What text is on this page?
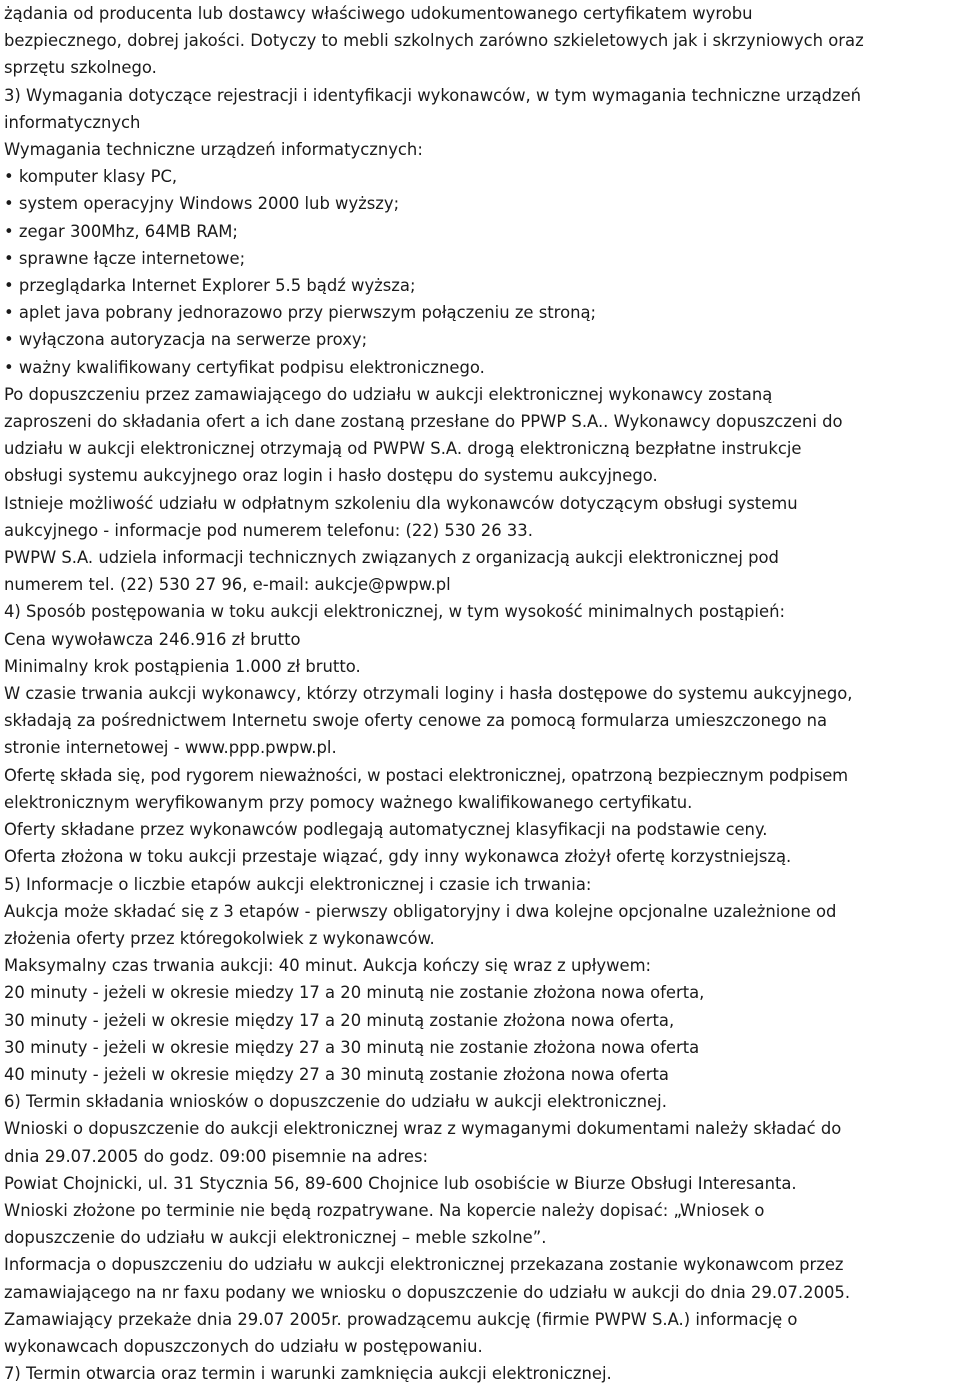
żądania od producenta lub dostawcy właściwego udokumentowanego certyfikatem wyrobu

bezpiecznego, dobrej jakości. Dotyczy to mebli szkolnych zarówno szkieletowych jak i skrzyniowych oraz

sprzętu szkolnego.

3) Wymagania dotyczące rejestracji i identyfikacji wykonawców, w tym wymagania techniczne urządzeń

informatycznych

Wymagania techniczne urządzeń informatycznych:

• komputer klasy PC,

• system operacyjny Windows 2000 lub wyższy;

• zegar 300Mhz, 64MB RAM;

• sprawne łącze internetowe;

• przeglądarka Internet Explorer 5.5 bądź wyższa;

• aplet java pobrany jednorazowo przy pierwszym połączeniu ze stroną;

• wyłączona autoryzacja na serwerze proxy;

• ważny kwalifikowany certyfikat podpisu elektronicznego.

Po dopuszczeniu przez zamawiającego do udziału w aukcji elektronicznej wykonawcy zostaną

zaproszeni do składania ofert a ich dane zostaną przesłane do PPWP S.A.. Wykonawcy dopuszczeni do

udziału w aukcji elektronicznej otrzymają od PWPW S.A. drogą elektroniczną bezpłatne instrukcje

obsługi systemu aukcyjnego oraz login i hasło dostępu do systemu aukcyjnego.

Istnieje możliwość udziału w odpłatnym szkoleniu dla wykonawców dotyczącym obsługi systemu

aukcyjnego - informacje pod numerem telefonu: (22) 530 26 33.

PWPW S.A. udziela informacji technicznych związanych z organizacją aukcji elektronicznej pod

numerem tel. (22) 530 27 96, e-mail: aukcje@pwpw.pl

4) Sposób postępowania w toku aukcji elektronicznej, w tym wysokość minimalnych postąpień:

Cena wywoławcza 246.916 zł brutto

Minimalny krok postąpienia 1.000 zł brutto.

W czasie trwania aukcji wykonawcy, którzy otrzymali loginy i hasła dostępowe do systemu aukcyjnego,

składają za pośrednictwem Internetu swoje oferty cenowe za pomocą formularza umieszczonego na

stronie internetowej - www.ppp.pwpw.pl.

Ofertę składa się, pod rygorem nieważności, w postaci elektronicznej, opatrzoną bezpiecznym podpisem

elektronicznym weryfikowanym przy pomocy ważnego kwalifikowanego certyfikatu.

Oferty składane przez wykonawców podlegają automatycznej klasyfikacji na podstawie ceny.

Oferta złożona w toku aukcji przestaje wiązać, gdy inny wykonawca złożył ofertę korzystniejszą.

5) Informacje o liczbie etapów aukcji elektronicznej i czasie ich trwania:

Aukcja może składać się z 3 etapów - pierwszy obligatoryjny i dwa kolejne opcjonalne uzależnione od

złożenia oferty przez któregokolwiek z wykonawców.

Maksymalny czas trwania aukcji: 40 minut. Aukcja kończy się wraz z upływem:

20 minuty - jeżeli w okresie miedzy 17 a 20 minutą nie zostanie złożona nowa oferta,

30 minuty - jeżeli w okresie między 17 a 20 minutą zostanie złożona nowa oferta,

30 minuty - jeżeli w okresie między 27 a 30 minutą nie zostanie złożona nowa oferta

40 minuty - jeżeli w okresie między 27 a 30 minutą zostanie złożona nowa oferta

6) Termin składania wniosków o dopuszczenie do udziału w aukcji elektronicznej.

Wnioski o dopuszczenie do aukcji elektronicznej wraz z wymaganymi dokumentami należy składać do

dnia 29.07.2005 do godz. 09:00 pisemnie na adres:

Powiat Chojnicki, ul. 31 Stycznia 56, 89-600 Chojnice lub osobiście w Biurze Obsługi Interesanta.

Wnioski złożone po terminie nie będą rozpatrywane. Na kopercie należy dopisać: „Wniosek o

dopuszczenie do udziału w aukcji elektronicznej – meble szkolne”.

Informacja o dopuszczeniu do udziału w aukcji elektronicznej przekazana zostanie wykonawcom przez

zamawiającego na nr faxu podany we wniosku o dopuszczenie do udziału w aukcji do dnia 29.07.2005.

Zamawiający przekaże dnia 29.07 2005r. prowadzącemu aukcję (firmie PWPW S.A.) informację o

wykonawcach dopuszczonych do udziału w postępowaniu.

7) Termin otwarcia oraz termin i warunki zamknięcia aukcji elektronicznej.
